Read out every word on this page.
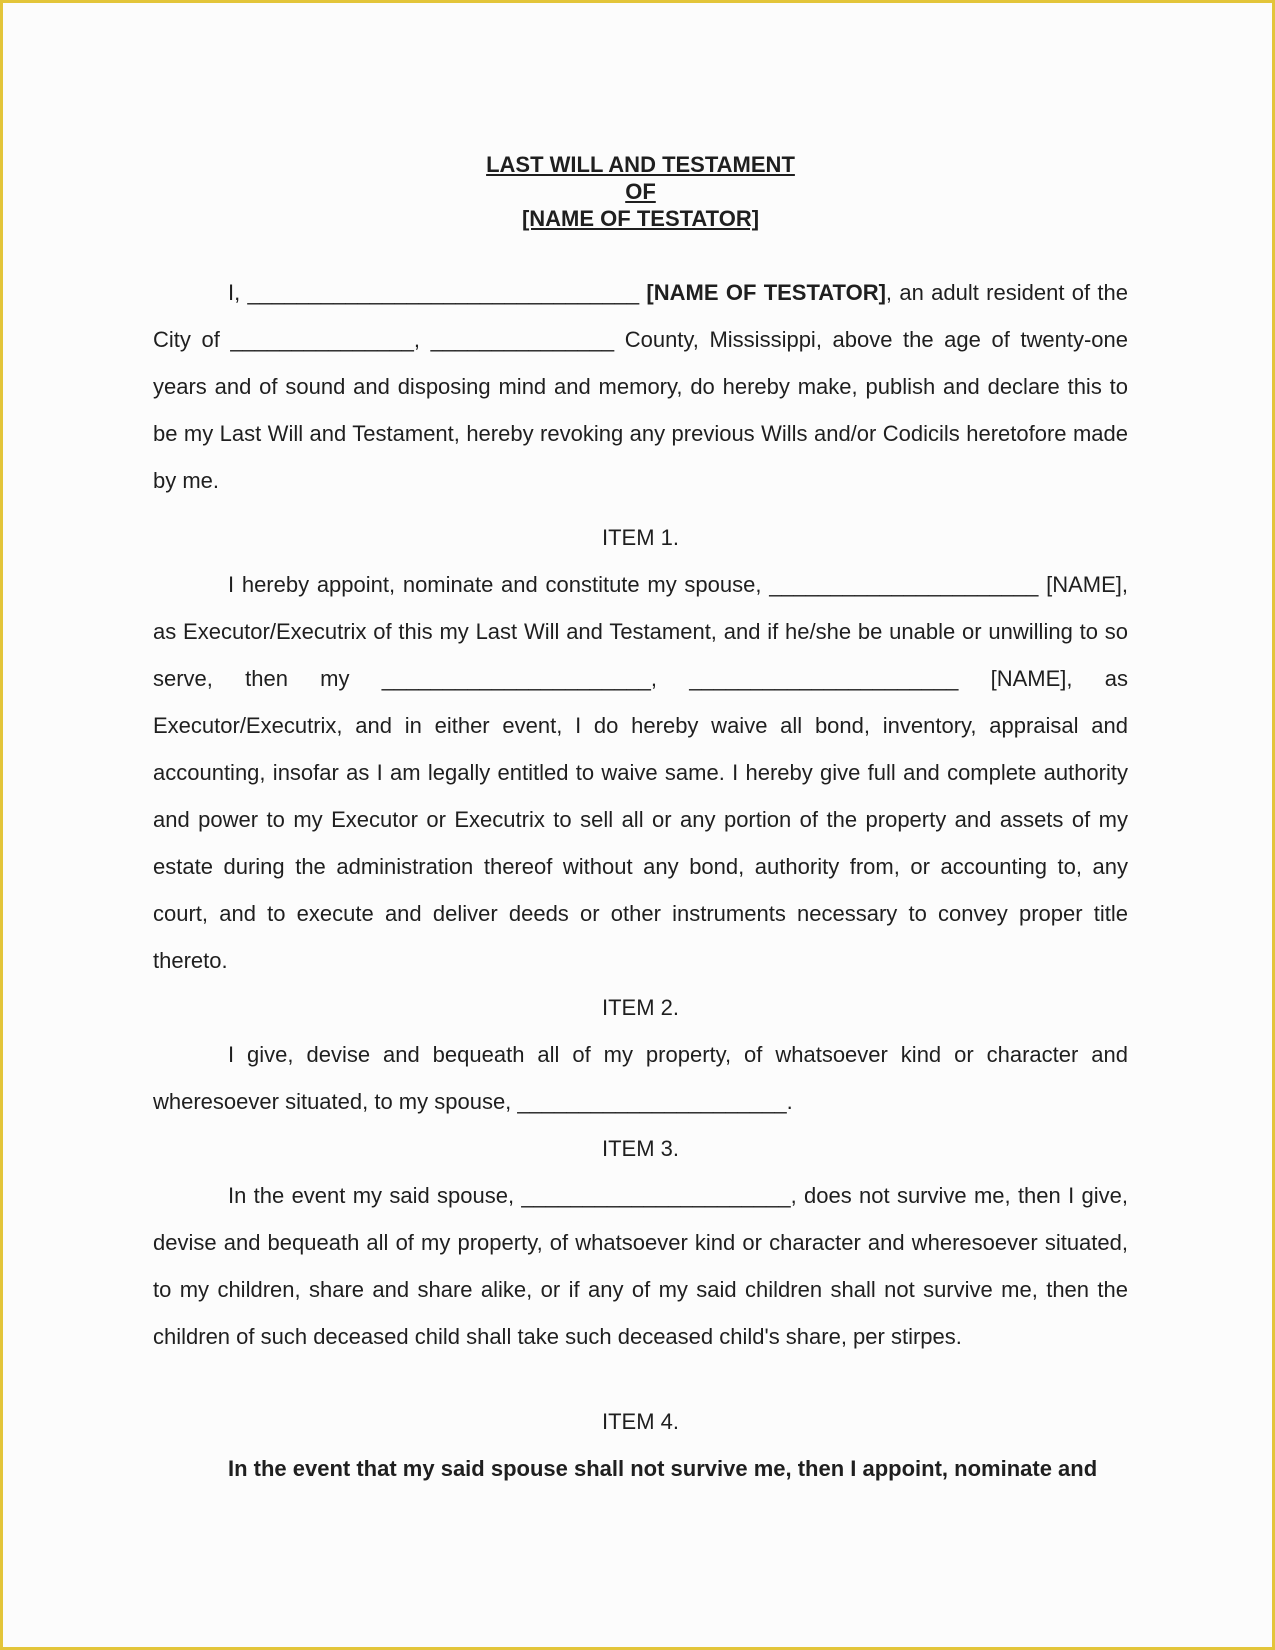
LAST WILL AND TESTAMENT

OF

[NAME OF TESTATOR]

I, ________________________________ [NAME OF TESTATOR], an adult resident of the City of _______________, _______________ County, Mississippi, above the age of twenty-one years and of sound and disposing mind and memory, do hereby make, publish and declare this to be my Last Will and Testament, hereby revoking any previous Wills and/or Codicils heretofore made by me.

ITEM 1.

I hereby appoint, nominate and constitute my spouse, ______________________ [NAME], as Executor/Executrix of this my Last Will and Testament, and if he/she be unable or unwilling to so serve, then my ______________________, ______________________ [NAME], as Executor/Executrix, and in either event, I do hereby waive all bond, inventory, appraisal and accounting, insofar as I am legally entitled to waive same. I hereby give full and complete authority and power to my Executor or Executrix to sell all or any portion of the property and assets of my estate during the administration thereof without any bond, authority from, or accounting to, any court, and to execute and deliver deeds or other instruments necessary to convey proper title thereto.

ITEM 2.

I give, devise and bequeath all of my property, of whatsoever kind or character and wheresoever situated, to my spouse, ______________________.

ITEM 3.

In the event my said spouse, ______________________, does not survive me, then I give, devise and bequeath all of my property, of whatsoever kind or character and wheresoever situated, to my children, share and share alike, or if any of my said children shall not survive me, then the children of such deceased child shall take such deceased child's share, per stirpes.

ITEM 4.

In the event that my said spouse shall not survive me, then I appoint, nominate and
